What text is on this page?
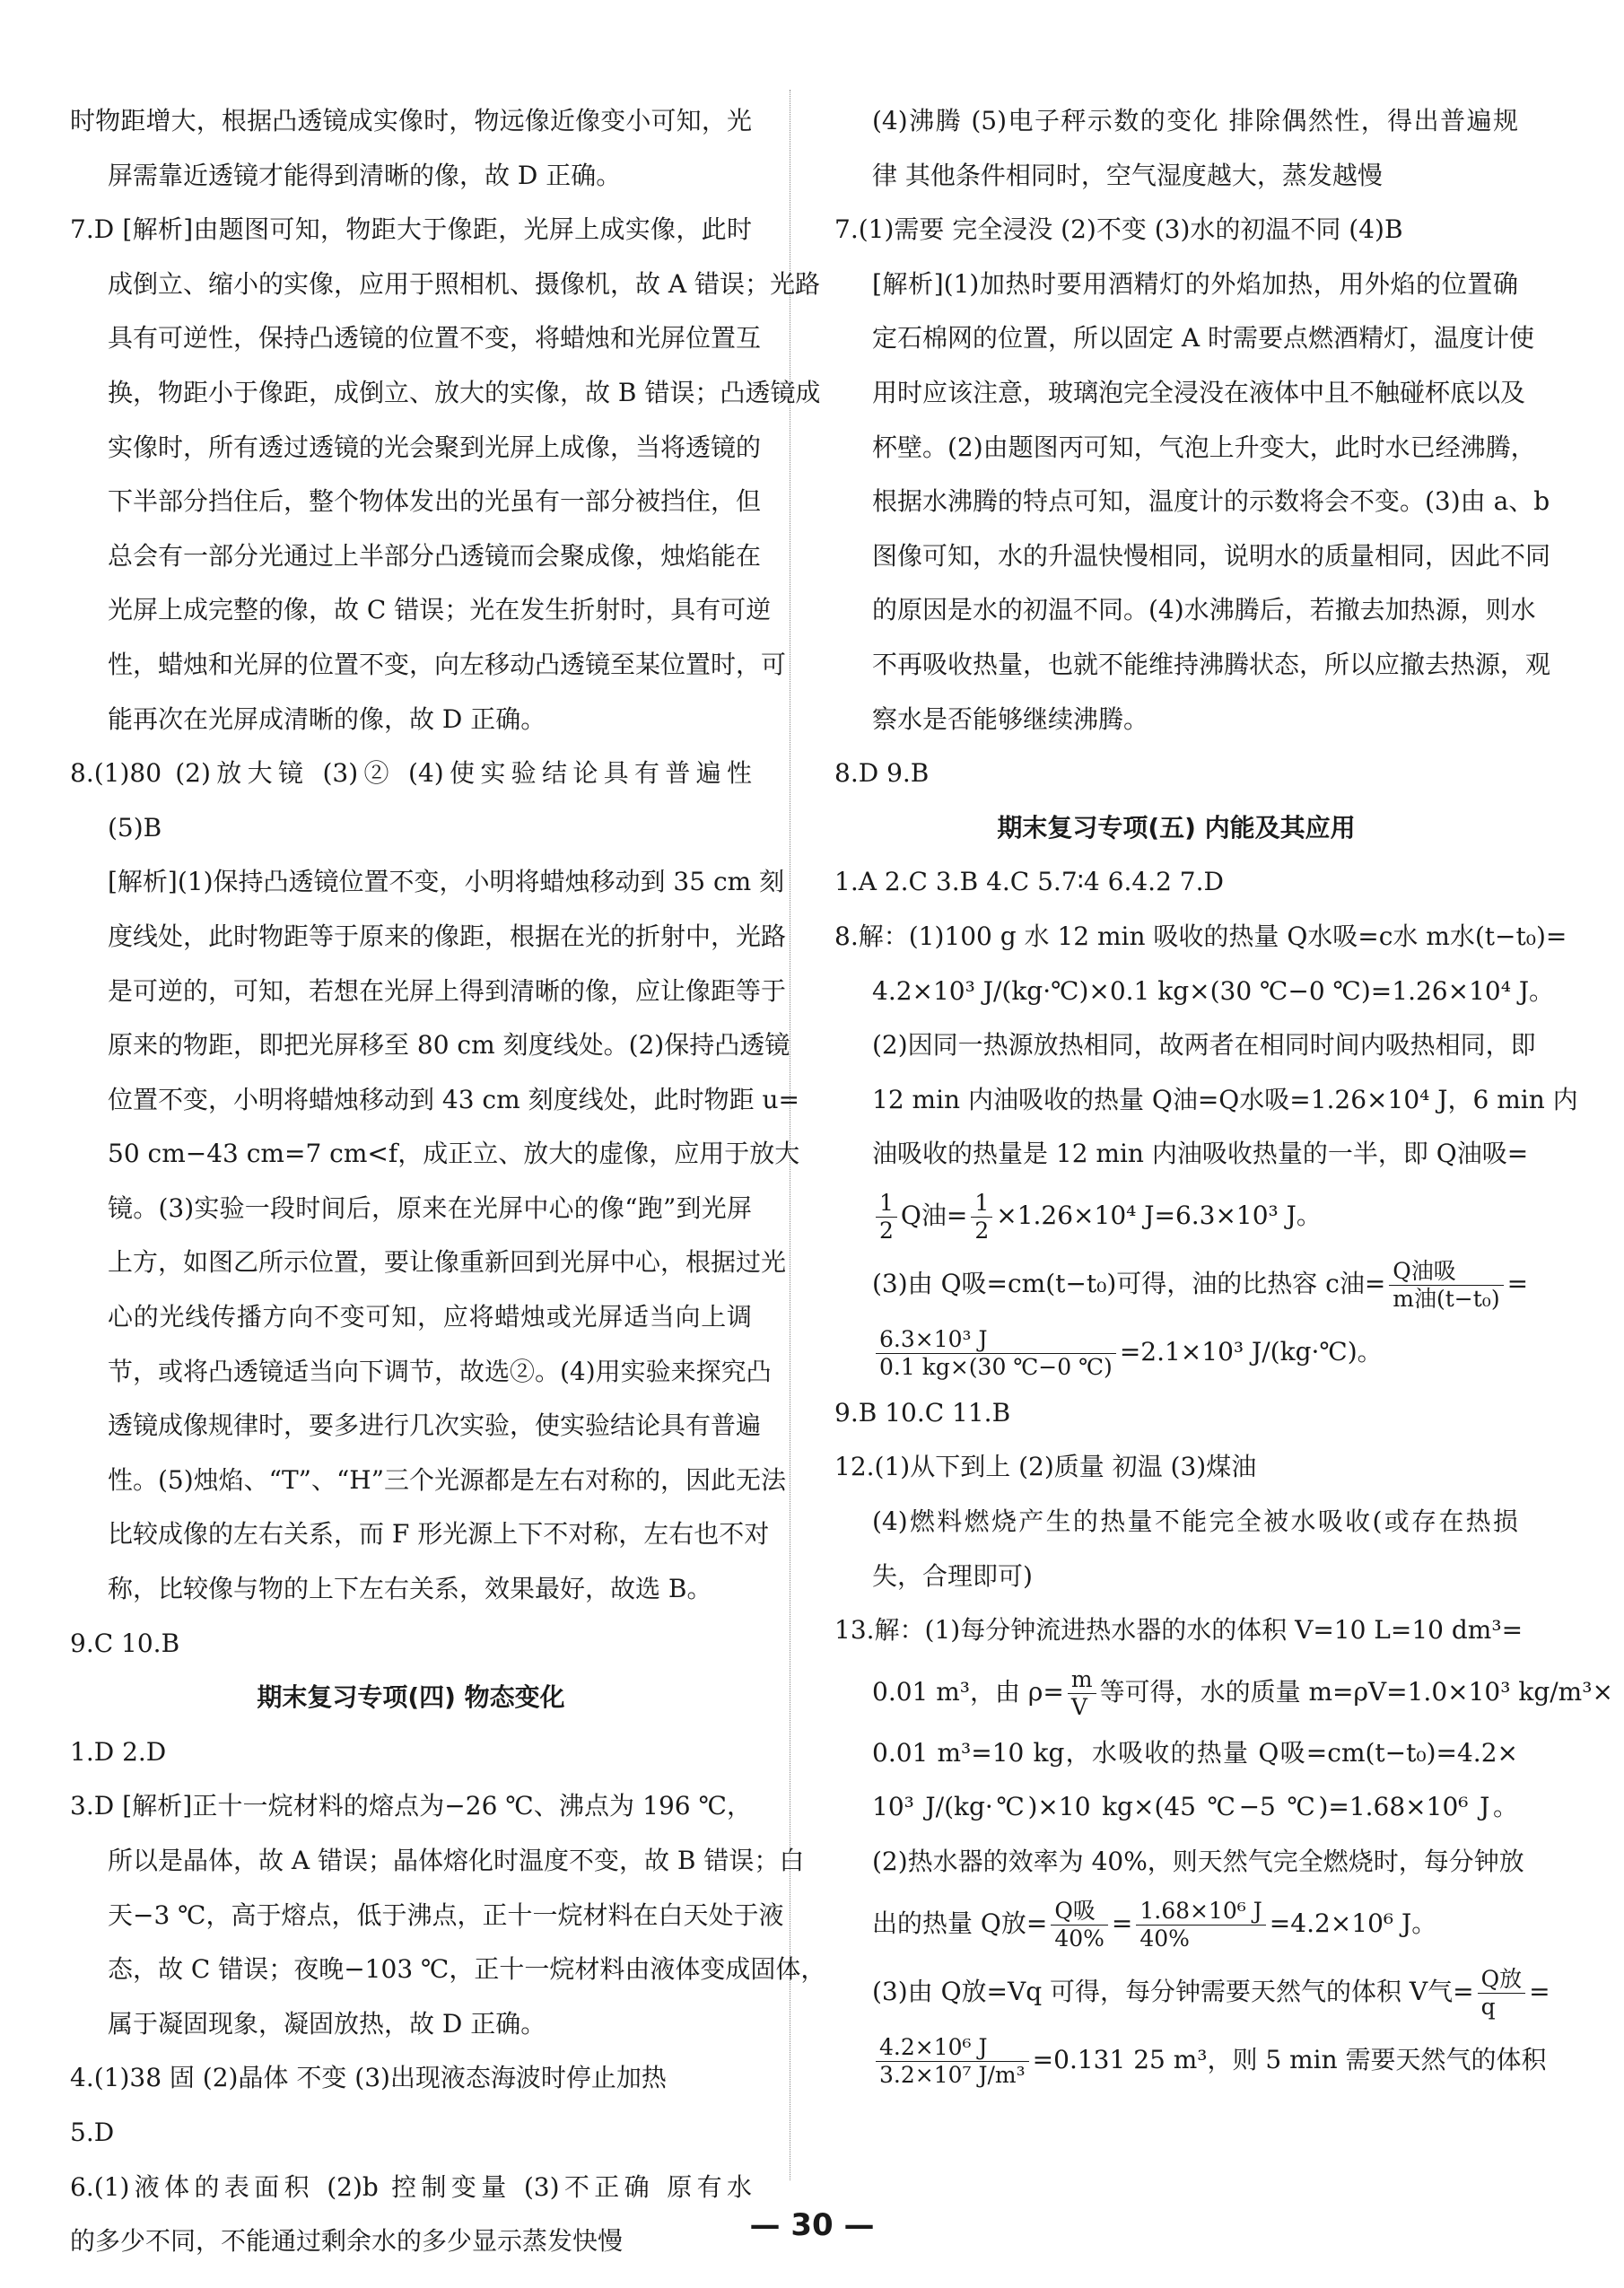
时物距增大，根据凸透镜成实像时，物远像近像变小可知，光
屏需靠近透镜才能得到清晰的像，故 D 正确。
7.D [解析]由题图可知，物距大于像距，光屏上成实像，此时
成倒立、缩小的实像，应用于照相机、摄像机，故 A 错误；光路
具有可逆性，保持凸透镜的位置不变，将蜡烛和光屏位置互
换，物距小于像距，成倒立、放大的实像，故 B 错误；凸透镜成
实像时，所有透过透镜的光会聚到光屏上成像，当将透镜的
下半部分挡住后，整个物体发出的光虽有一部分被挡住，但
总会有一部分光通过上半部分凸透镜而会聚成像，烛焰能在
光屏上成完整的像，故 C 错误；光在发生折射时，具有可逆
性，蜡烛和光屏的位置不变，向左移动凸透镜至某位置时，可
能再次在光屏成清晰的像，故 D 正确。
8.(1)80 (2)放大镜 (3)② (4)使实验结论具有普遍性
(5)B
[解析](1)保持凸透镜位置不变，小明将蜡烛移动到 35 cm 刻
度线处，此时物距等于原来的像距，根据在光的折射中，光路
是可逆的，可知，若想在光屏上得到清晰的像，应让像距等于
原来的物距，即把光屏移至 80 cm 刻度线处。(2)保持凸透镜
位置不变，小明将蜡烛移动到 43 cm 刻度线处，此时物距 u=
50 cm−43 cm=7 cm<f，成正立、放大的虚像，应用于放大
镜。(3)实验一段时间后，原来在光屏中心的像“跑”到光屏
上方，如图乙所示位置，要让像重新回到光屏中心，根据过光
心的光线传播方向不变可知，应将蜡烛或光屏适当向上调
节，或将凸透镜适当向下调节，故选②。(4)用实验来探究凸
透镜成像规律时，要多进行几次实验，使实验结论具有普遍
性。(5)烛焰、“T”、“H”三个光源都是左右对称的，因此无法
比较成像的左右关系，而 F 形光源上下不对称，左右也不对
称，比较像与物的上下左右关系，效果最好，故选 B。
9.C 10.B
期末复习专项(四) 物态变化
1.D 2.D
3.D [解析]正十一烷材料的熔点为−26 ℃、沸点为 196 ℃，
所以是晶体，故 A 错误；晶体熔化时温度不变，故 B 错误；白
天−3 ℃，高于熔点，低于沸点，正十一烷材料在白天处于液
态，故 C 错误；夜晚−103 ℃，正十一烷材料由液体变成固体，
属于凝固现象，凝固放热，故 D 正确。
4.(1)38 固 (2)晶体 不变 (3)出现液态海波时停止加热
5.D
6.(1)液体的表面积 (2)b 控制变量 (3)不正确 原有水
的多少不同，不能通过剩余水的多少显示蒸发快慢
(4)沸腾 (5)电子秤示数的变化 排除偶然性，得出普遍规
律 其他条件相同时，空气湿度越大，蒸发越慢
7.(1)需要 完全浸没 (2)不变 (3)水的初温不同 (4)B
[解析](1)加热时要用酒精灯的外焰加热，用外焰的位置确
定石棉网的位置，所以固定 A 时需要点燃酒精灯，温度计使
用时应该注意，玻璃泡完全浸没在液体中且不触碰杯底以及
杯壁。(2)由题图丙可知，气泡上升变大，此时水已经沸腾，
根据水沸腾的特点可知，温度计的示数将会不变。(3)由 a、b
图像可知，水的升温快慢相同，说明水的质量相同，因此不同
的原因是水的初温不同。(4)水沸腾后，若撤去加热源，则水
不再吸收热量，也就不能维持沸腾状态，所以应撤去热源，观
察水是否能够继续沸腾。
8.D 9.B
期末复习专项(五) 内能及其应用
1.A 2.C 3.B 4.C 5.7∶4 6.4.2 7.D
8.解：(1)100 g 水 12 min 吸收的热量 Q水吸=c水 m水(t−t₀)=
4.2×10³ J/(kg·℃)×0.1 kg×(30 ℃−0 ℃)=1.26×10⁴ J。
(2)因同一热源放热相同，故两者在相同时间内吸热相同，即
12 min 内油吸收的热量 Q油=Q水吸=1.26×10⁴ J，6 min 内
油吸收的热量是 12 min 内油吸收热量的一半，即 Q油吸=
$\frac{1}{2}$ Q油= $\frac{1}{2} \times 1.26\times 10^4$ J=6.3×10³ J。
(3)由 Q吸=cm(t−t₀)可得，油的比热容 c油= $\frac{\text{Q油吸}}{\text{m油(t−t₀)}}$ =
$\frac{\text{6.3×10³ J}}{0.1 kg\times(30 ℃-0 ℃)} =2.1\times 10^3$ J/(kg·℃)。
9.B 10.C 11.B
12.(1)从下到上 (2)质量 初温 (3)煤油
(4)燃料燃烧产生的热量不能完全被水吸收(或存在热损
失，合理即可)
13.解：(1)每分钟流进热水器的水的体积 V=10 L=10 dm³=
0.01 m³，由 $\rho= \frac{m}{V}$ 等可得，水的质量 m=ρV=1.0×10³ kg/m³×
0.01 m³=10 kg，水吸收的热量 Q吸=cm(t−t₀)=4.2×
10³ J/(kg·℃)×10 kg×(45 ℃−5 ℃)=1.68×10⁶ J。
(2)热水器的效率为 40%，则天然气完全燃烧时，每分钟放
出的热量 Q放= $\frac{\text{Q吸}}{40\%} = \frac{\text{1.68×10⁶ J}}{40\%} =4.2\times 10^6$ J。
(3)由 Q放=Vq 可得，每分钟需要天然气的体积 V气= $\frac{\text{Q放}}{q}$ =
$\frac{\text{4.2×10⁶ J}}{\text{3.2×10⁷ J/m³}} =0.131$ 25 m³，则 5 min 需要天然气的体积
— 30 —
